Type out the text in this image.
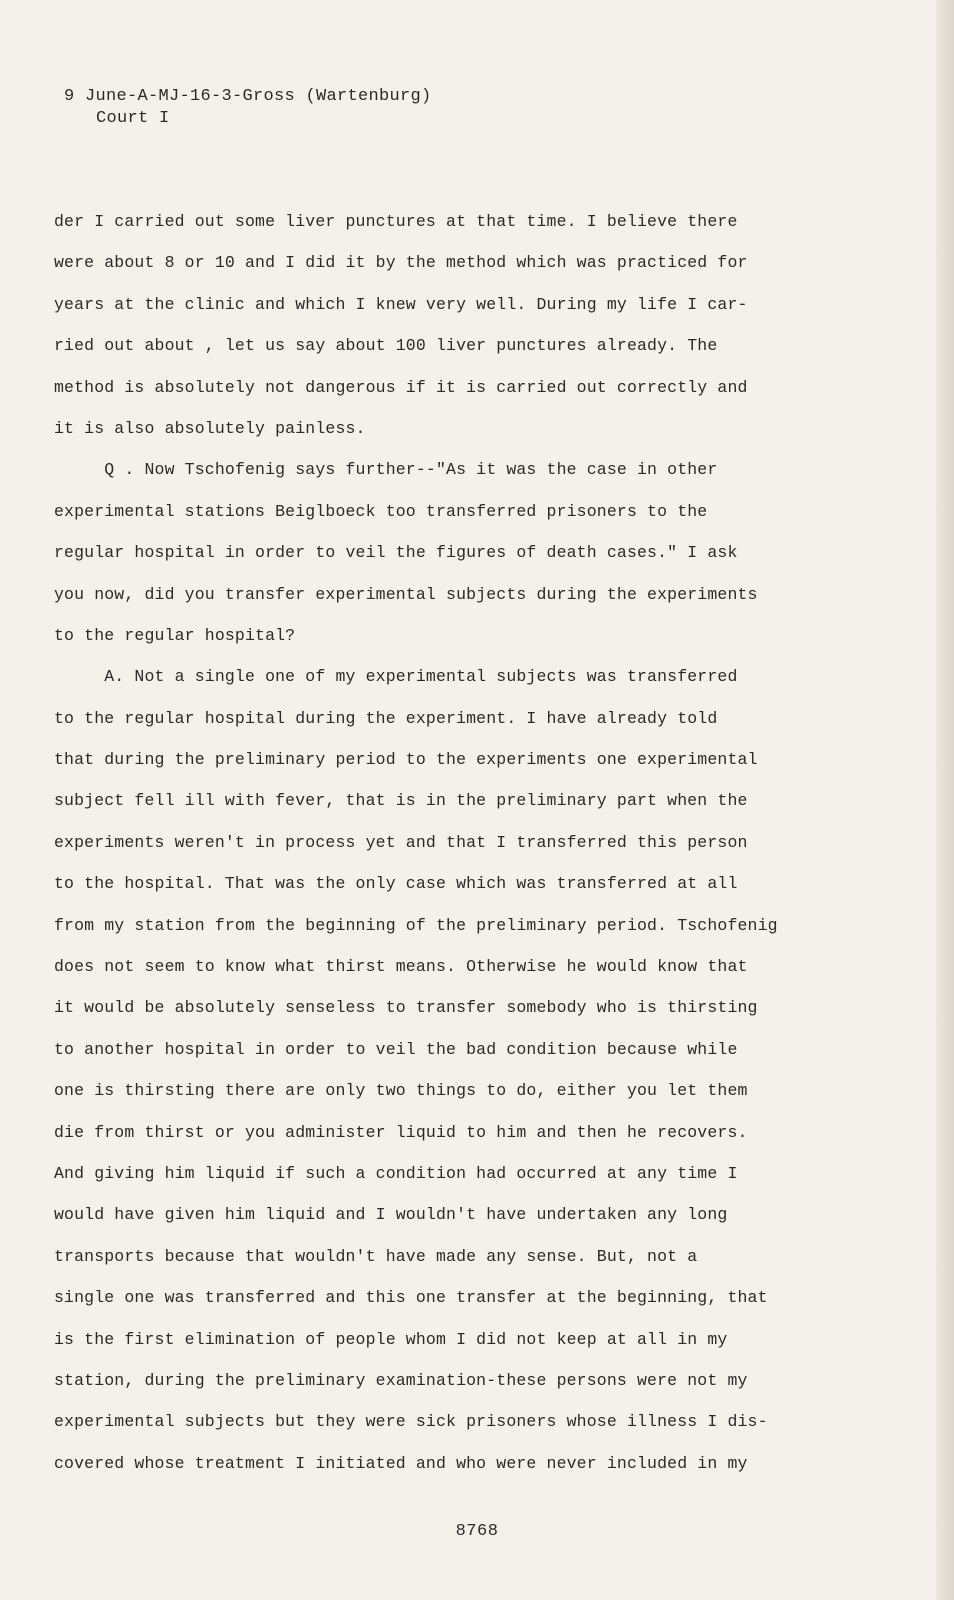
9 June-A-MJ-16-3-Gross (Wartenburg)
Court I
der I carried out some liver punctures at that time. I believe there
were about 8 or 10 and I did it by the method which was practiced for
years at the clinic and which I knew very well. During my life I car-
ried out about , let us say about 100 liver punctures already. The
method is absolutely not dangerous if it is carried out correctly and
it is also absolutely painless.
Q . Now Tschofenig says further--"As it was the case in other
experimental stations Beiglboeck too transferred prisoners to the
regular hospital in order to veil the figures of death cases." I ask
you now, did you transfer experimental subjects during the experiments
to the regular hospital?
A. Not a single one of my experimental subjects was transferred
to the regular hospital during the experiment. I have already told
that during the preliminary period to the experiments one experimental
subject fell ill with fever, that is in the preliminary part when the
experiments weren't in process yet and that I transferred this person
to the hospital. That was the only case which was transferred at all
from my station from the beginning of the preliminary period. Tschofenig
does not seem to know what thirst means. Otherwise he would know that
it would be absolutely senseless to transfer somebody who is thirsting
to another hospital in order to veil the bad condition because while
one is thirsting there are only two things to do, either you let them
die from thirst or you administer liquid to him and then he recovers.
And giving him liquid if such a condition had occurred at any time I
would have given him liquid and I wouldn't have undertaken any long
transports because that wouldn't have made any sense. But, not a
single one was transferred and this one transfer at the beginning, that
is the first elimination of people whom I did not keep at all in my
station, during the preliminary examination-these persons were not my
experimental subjects but they were sick prisoners whose illness I dis-
covered whose treatment I initiated and who were never included in my
8768
